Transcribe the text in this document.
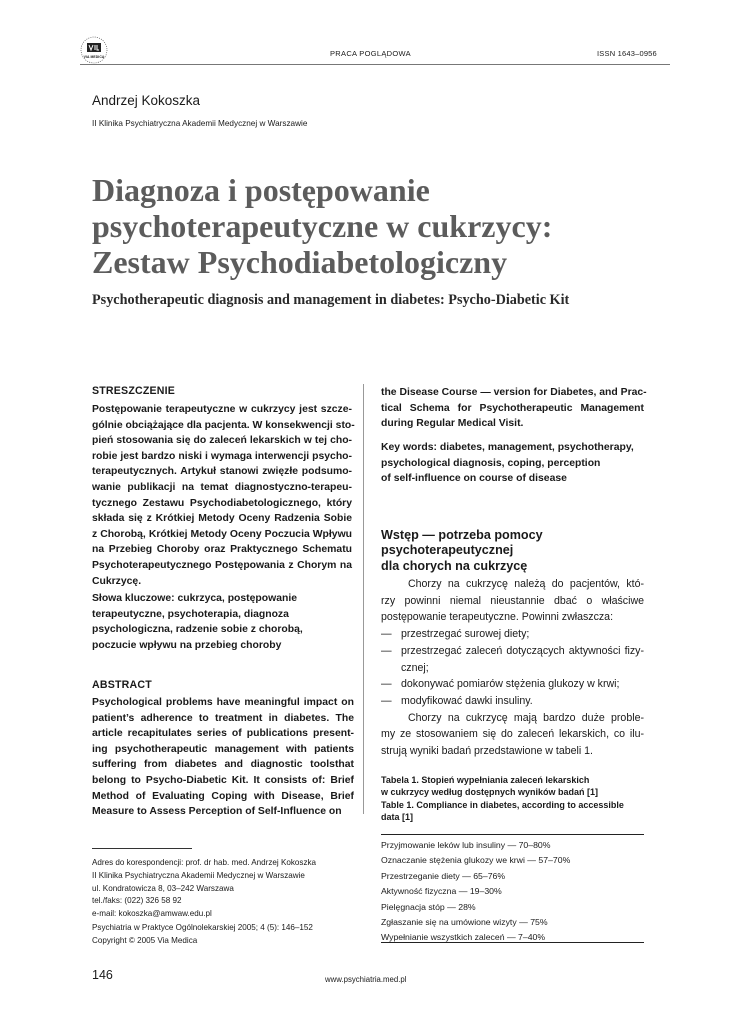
VIA MEDICA	PRACA POGLĄDOWA	ISSN 1643–0956
Andrzej Kokoszka
II Klinika Psychiatryczna Akademii Medycznej w Warszawie
Diagnoza i postępowanie
psychoterapeutyczne w cukrzycy:
Zestaw Psychodiabetologiczny
Psychotherapeutic diagnosis and management in diabetes: Psycho-Diabetic Kit
STRESZCZENIE
Postępowanie terapeutyczne w cukrzycy jest szcze-
gólnie obciążające dla pacjenta. W konsekwencji sto-
pień stosowania się do zaleceń lekarskich w tej cho-
robie jest bardzo niski i wymaga interwencji psycho-
terapeutycznych. Artykuł stanowi zwięzłe podsumo-
wanie publikacji na temat diagnostyczno-terapeu-
tycznego Zestawu Psychodiabetologicznego, który
składa się z Krótkiej Metody Oceny Radzenia Sobie
z Chorobą, Krótkiej Metody Oceny Poczucia Wpływu
na Przebieg Choroby oraz Praktycznego Schematu
Psychoterapeutycznego Postępowania z Chorym na
Cukrzycę.
Słowa kluczowe: cukrzyca, postępowanie
terapeutyczne, psychoterapia, diagnoza
psychologiczna, radzenie sobie z chorobą,
poczucie wpływu na przebieg choroby
ABSTRACT
Psychological problems have meaningful impact on
patient’s adherence to treatment in diabetes. The
article recapitulates series of publications present-
ing psychotherapeutic management with patients
suffering from diabetes and diagnostic toolsthat
belong to Psycho-Diabetic Kit. It consists of: Brief
Method of Evaluating Coping with Disease, Brief
Measure to Assess Perception of Self-Influence on
the Disease Course — version for Diabetes, and Prac-
tical Schema for Psychotherapeutic Management
during Regular Medical Visit.
Key words: diabetes, management, psychotherapy,
psychological diagnosis, coping, perception
of self-influence on course of disease
Wstęp — potrzeba pomocy
psychoterapeutycznej
dla chorych na cukrzycę
Chorzy na cukrzycę należą do pacjentów, któ-
rzy powinni niemal nieustannie dbać o właściwe
postępowanie terapeutyczne. Powinni zwłaszcza:
— przestrzegać surowej diety;
— przestrzegać zaleceń dotyczących aktywności fizy-
cznej;
— dokonywać pomiarów stężenia glukozy w krwi;
— modyfikować dawki insuliny.
Chorzy na cukrzycę mają bardzo duże proble-
my ze stosowaniem się do zaleceń lekarskich, co ilu-
strują wyniki badań przedstawione w tabeli 1.
Tabela 1. Stopień wypełniania zaleceń lekarskich
w cukrzycy według dostępnych wyników badań [1]
Table 1. Compliance in diabetes, according to accessible
data [1]
Przyjmowanie leków lub insuliny — 70–80%
Oznaczanie stężenia glukozy we krwi — 57–70%
Przestrzeganie diety — 65–76%
Aktywność fizyczna — 19–30%
Pielęgnacja stóp — 28%
Zgłaszanie się na umówione wizyty — 75%
Wypełnianie wszystkich zaleceń — 7–40%
Adres do korespondencji: prof. dr hab. med. Andrzej Kokoszka
II Klinika Psychiatryczna Akademii Medycznej w Warszawie
ul. Kondratowicza 8, 03–242 Warszawa
tel./faks: (022) 326 58 92
e-mail: kokoszka@amwaw.edu.pl
Psychiatria w Praktyce Ogólnolekarskiej 2005; 4 (5): 146–152
Copyright © 2005 Via Medica
146	www.psychiatria.med.pl
